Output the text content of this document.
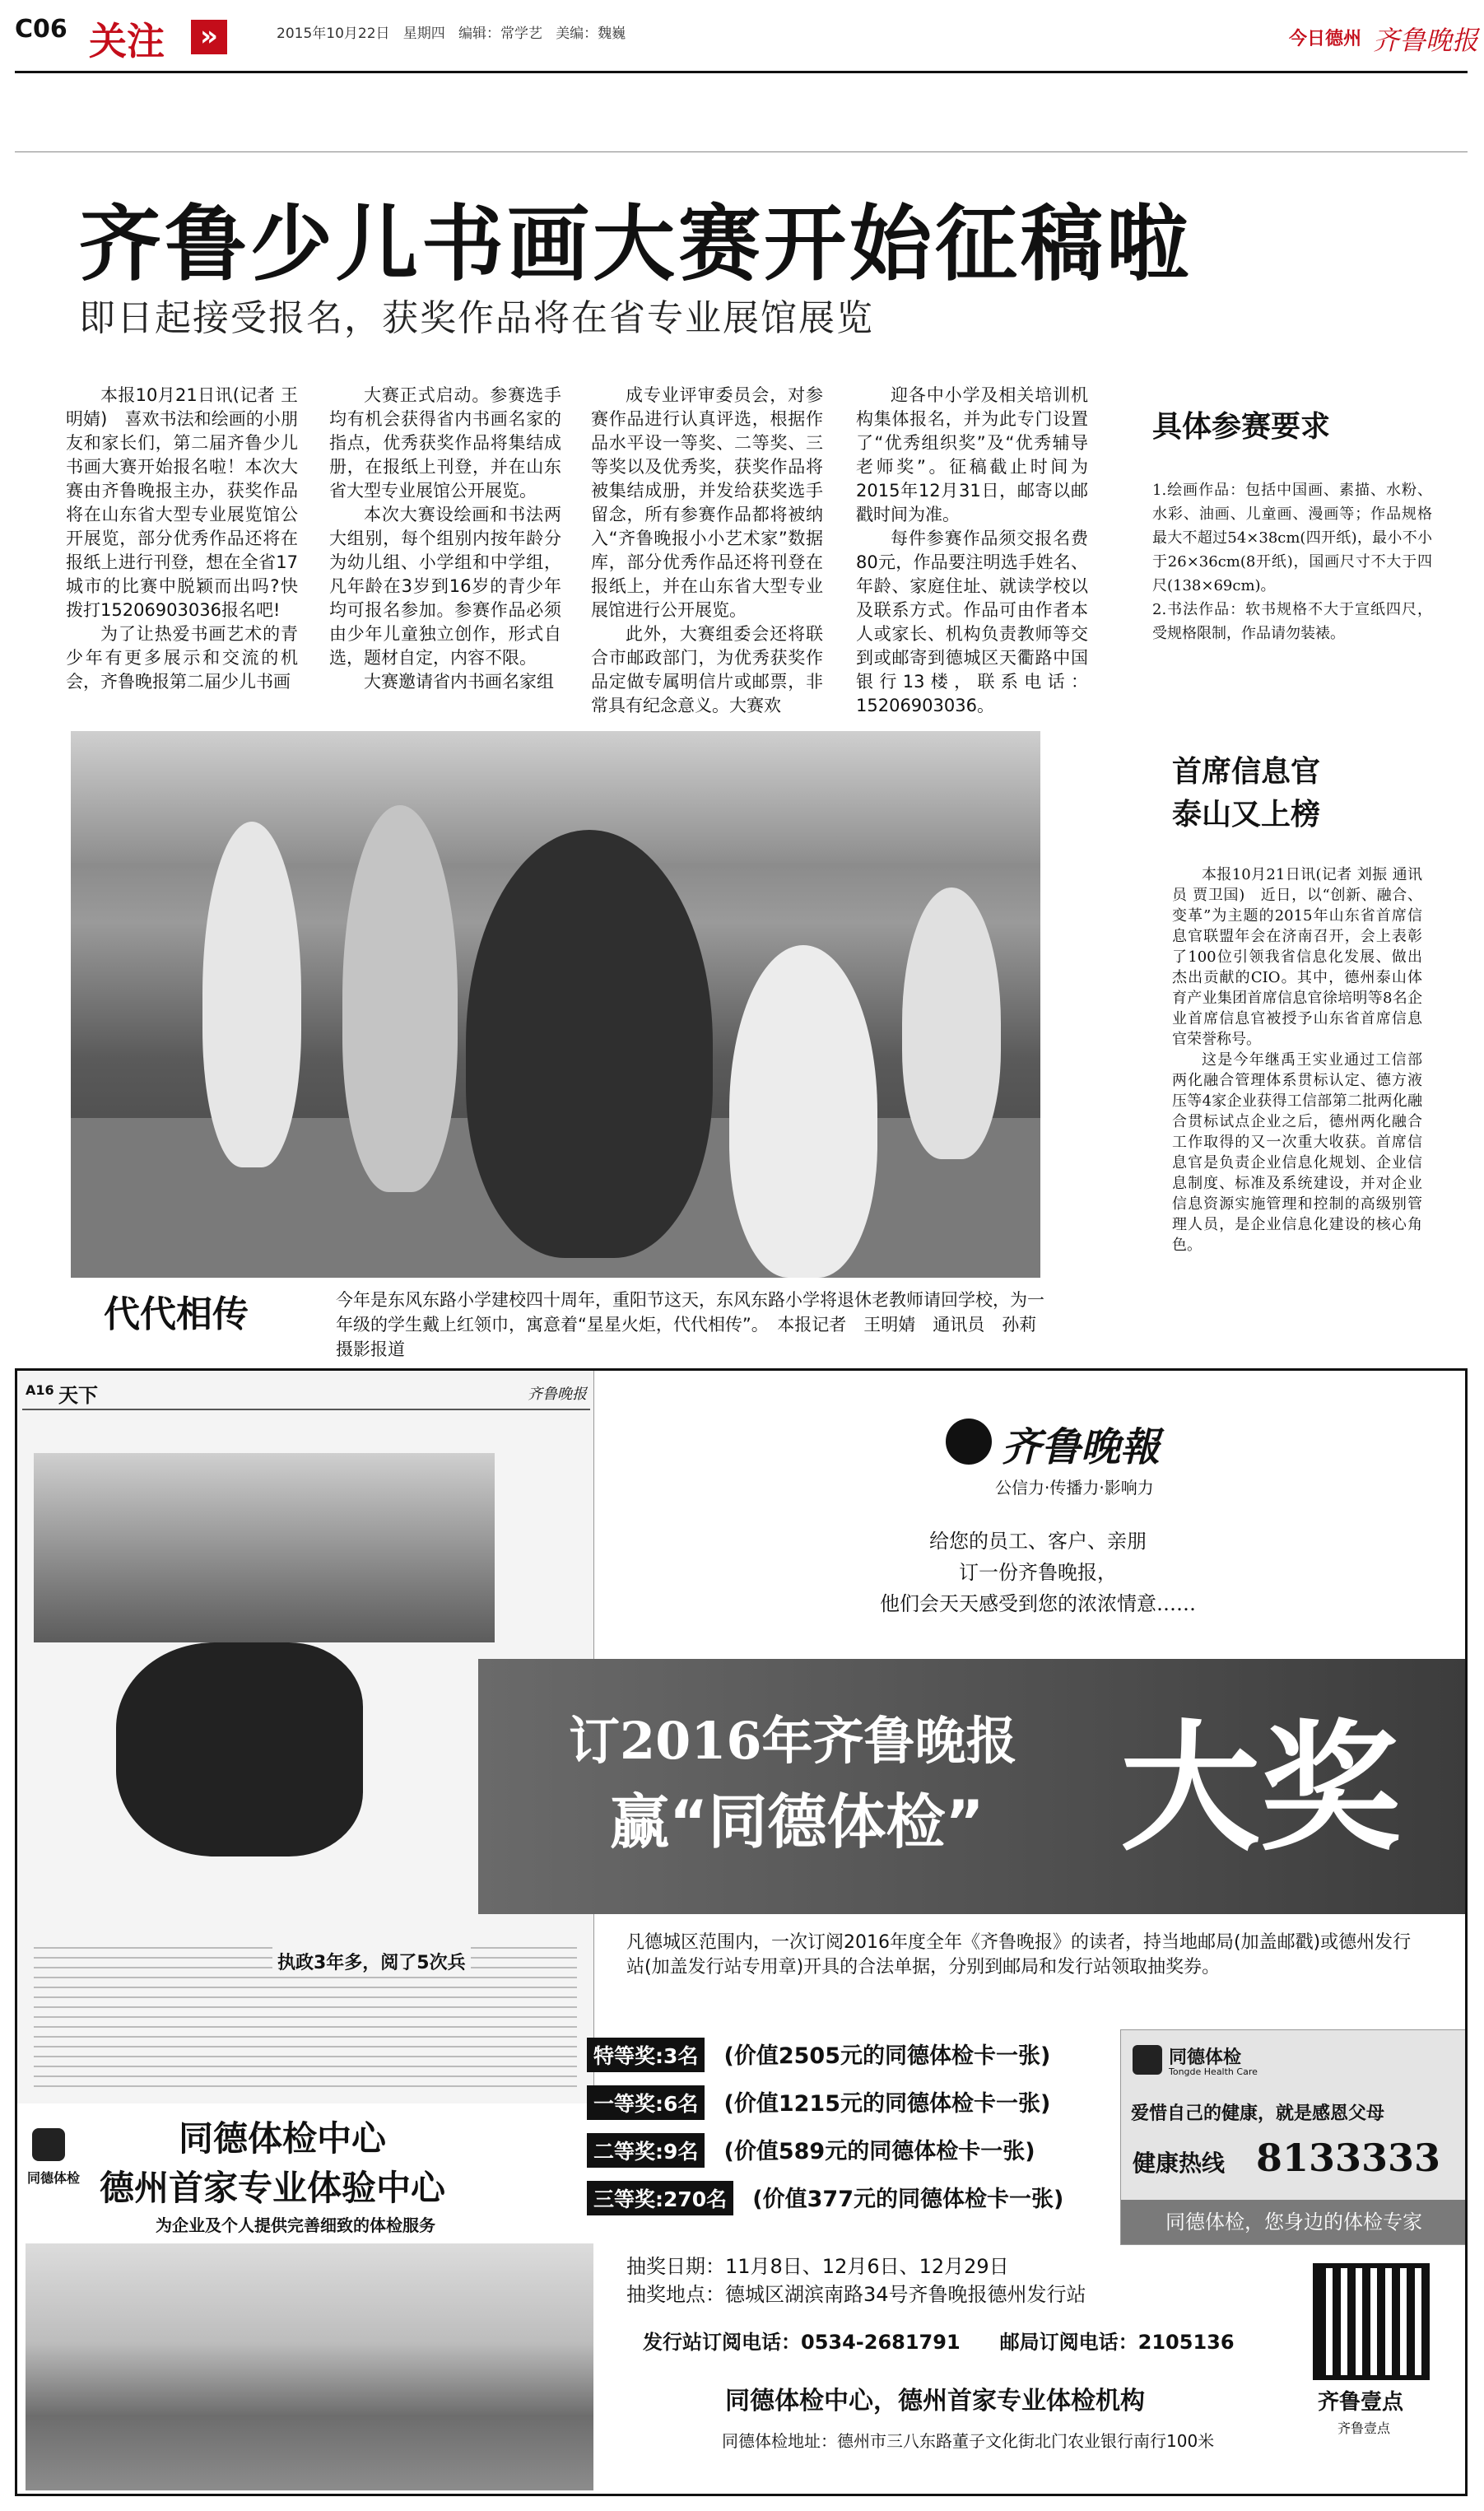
C06 关注	»	2015年10月22日 星期四 编辑：常学艺 美编：魏巍	今日德州 齐鲁晚报
齐鲁少儿书画大赛开始征稿啦
即日起接受报名，获奖作品将在省专业展馆展览

本报10月21日讯(记者 王明婧)　喜欢书法和绘画的小朋友和家长们，第二届齐鲁少儿书画大赛开始报名啦！本次大赛由齐鲁晚报主办，获奖作品将在山东省大型专业展览馆公开展览，部分优秀作品还将在报纸上进行刊登，想在全省17城市的比赛中脱颖而出吗?快拨打15206903036报名吧!

为了让热爱书画艺术的青少年有更多展示和交流的机会，齐鲁晚报第二届少儿书画

大赛正式启动。参赛选手均有机会获得省内书画名家的指点，优秀获奖作品将集结成册，在报纸上刊登，并在山东省大型专业展馆公开展览。

本次大赛设绘画和书法两大组别，每个组别内按年龄分为幼儿组、小学组和中学组，凡年龄在3岁到16岁的青少年均可报名参加。参赛作品必须由少年儿童独立创作，形式自选，题材自定，内容不限。

大赛邀请省内书画名家组

成专业评审委员会，对参赛作品进行认真评选，根据作品水平设一等奖、二等奖、三等奖以及优秀奖，获奖作品将被集结成册，并发给获奖选手留念，所有参赛作品都将被纳入“齐鲁晚报小小艺术家”数据库，部分优秀作品还将刊登在报纸上，并在山东省大型专业展馆进行公开展览。

此外，大赛组委会还将联合市邮政部门，为优秀获奖作品定做专属明信片或邮票，非常具有纪念意义。大赛欢

迎各中小学及相关培训机构集体报名，并为此专门设置了“优秀组织奖”及“优秀辅导老师奖”。征稿截止时间为2015年12月31日，邮寄以邮戳时间为准。

每件参赛作品须交报名费80元，作品要注明选手姓名、年龄、家庭住址、就读学校以及联系方式。作品可由作者本人或家长、机构负责教师等交到或邮寄到德城区天衢路中国银行13楼，联系电话：15206903036。

具体参赛要求
1.绘画作品：包括中国画、素描、水粉、水彩、油画、儿童画、漫画等；作品规格最大不超过54×38cm(四开纸)，最小不小于26×36cm(8开纸)，国画尺寸不大于四尺(138×69cm)。
2.书法作品：软书规格不大于宣纸四尺，受规格限制，作品请勿装裱。
代代相传	今年是东风东路小学建校四十周年，重阳节这天，东风东路小学将退休老教师请回学校，为一年级的学生戴上红领巾，寓意着“星星火炬，代代相传”。　本报记者　王明婧　通讯员　孙莉　摄影报道
首席信息官
泰山又上榜

本报10月21日讯(记者 刘振 通讯员 贾卫国)　近日，以“创新、融合、变革”为主题的2015年山东省首席信息官联盟年会在济南召开，会上表彰了100位引领我省信息化发展、做出杰出贡献的CIO。其中，德州泰山体育产业集团首席信息官徐培明等8名企业首席信息官被授予山东省首席信息官荣誉称号。

这是今年继禹王实业通过工信部两化融合管理体系贯标认定、德方液压等4家企业获得工信部第二批两化融合贯标试点企业之后，德州两化融合工作取得的又一次重大收获。首席信息官是负责企业信息化规划、企业信息制度、标准及系统建设，并对企业信息资源实施管理和控制的高级别管理人员，是企业信息化建设的核心角色。

A16 天下	齐鲁晚报
执政3年多，阅了5次兵
齐鲁晚報
公信力·传播力·影响力
给您的员工、客户、亲朋
订一份齐鲁晚报，
他们会天天感受到您的浓浓情意……
订2016年齐鲁晚报
赢“同德体检” 大奖
凡德城区范围内，一次订阅2016年度全年《齐鲁晚报》的读者，持当地邮局(加盖邮戳)或德州发行站(加盖发行站专用章)开具的合法单据，分别到邮局和发行站领取抽奖券。
特等奖:3名 (价值2505元的同德体检卡一张)
一等奖:6名 (价值1215元的同德体检卡一张)
二等奖:9名 (价值589元的同德体检卡一张)
三等奖:270名 (价值377元的同德体检卡一张)
同德体检
Tongde Health Care
爱惜自己的健康，就是感恩父母
健康热线 8133333
同德体检，您身边的体检专家
抽奖日期：11月8日、12月6日、12月29日
抽奖地点：德城区湖滨南路34号齐鲁晚报德州发行站
发行站订阅电话：0534-2681791　　邮局订阅电话：2105136
同德体检
同德体检中心
德州首家专业体验中心
为企业及个人提供完善细致的体检服务
同德体检中心，德州首家专业体检机构
同德体检地址：德州市三八东路董子文化街北门农业银行南行100米
齐鲁壹点
齐鲁壹点
